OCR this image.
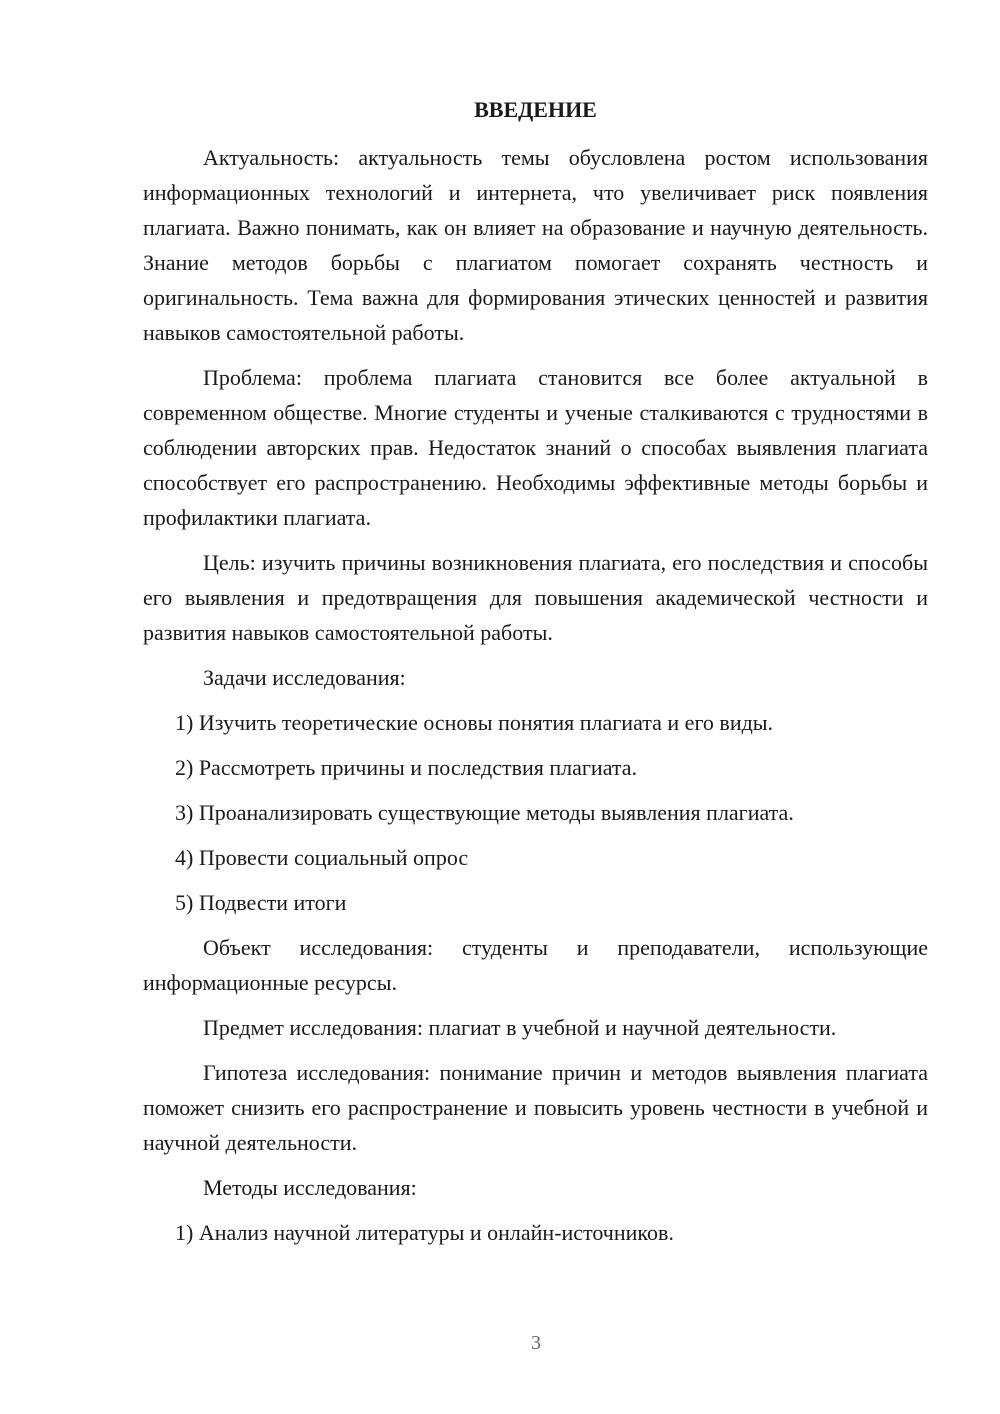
ВВЕДЕНИЕ

Актуальность: актуальность темы обусловлена ростом использования информационных технологий и интернета, что увеличивает риск появления плагиата. Важно понимать, как он влияет на образование и научную деятельность. Знание методов борьбы с плагиатом помогает сохранять честность и оригинальность. Тема важна для формирования этических ценностей и развития навыков самостоятельной работы.

Проблема: проблема плагиата становится все более актуальной в современном обществе. Многие студенты и ученые сталкиваются с трудностями в соблюдении авторских прав. Недостаток знаний о способах выявления плагиата способствует его распространению. Необходимы эффективные методы борьбы и профилактики плагиата.

Цель: изучить причины возникновения плагиата, его последствия и способы его выявления и предотвращения для повышения академической честности и развития навыков самостоятельной работы.

Задачи исследования:

1) Изучить теоретические основы понятия плагиата и его виды.

2) Рассмотреть причины и последствия плагиата.

3) Проанализировать существующие методы выявления плагиата.

4) Провести социальный опрос

5) Подвести итоги

Объект исследования: студенты и преподаватели, использующие информационные ресурсы.

Предмет исследования: плагиат в учебной и научной деятельности.

Гипотеза исследования: понимание причин и методов выявления плагиата поможет снизить его распространение и повысить уровень честности в учебной и научной деятельности.

Методы исследования:

1) Анализ научной литературы и онлайн-источников.

3
